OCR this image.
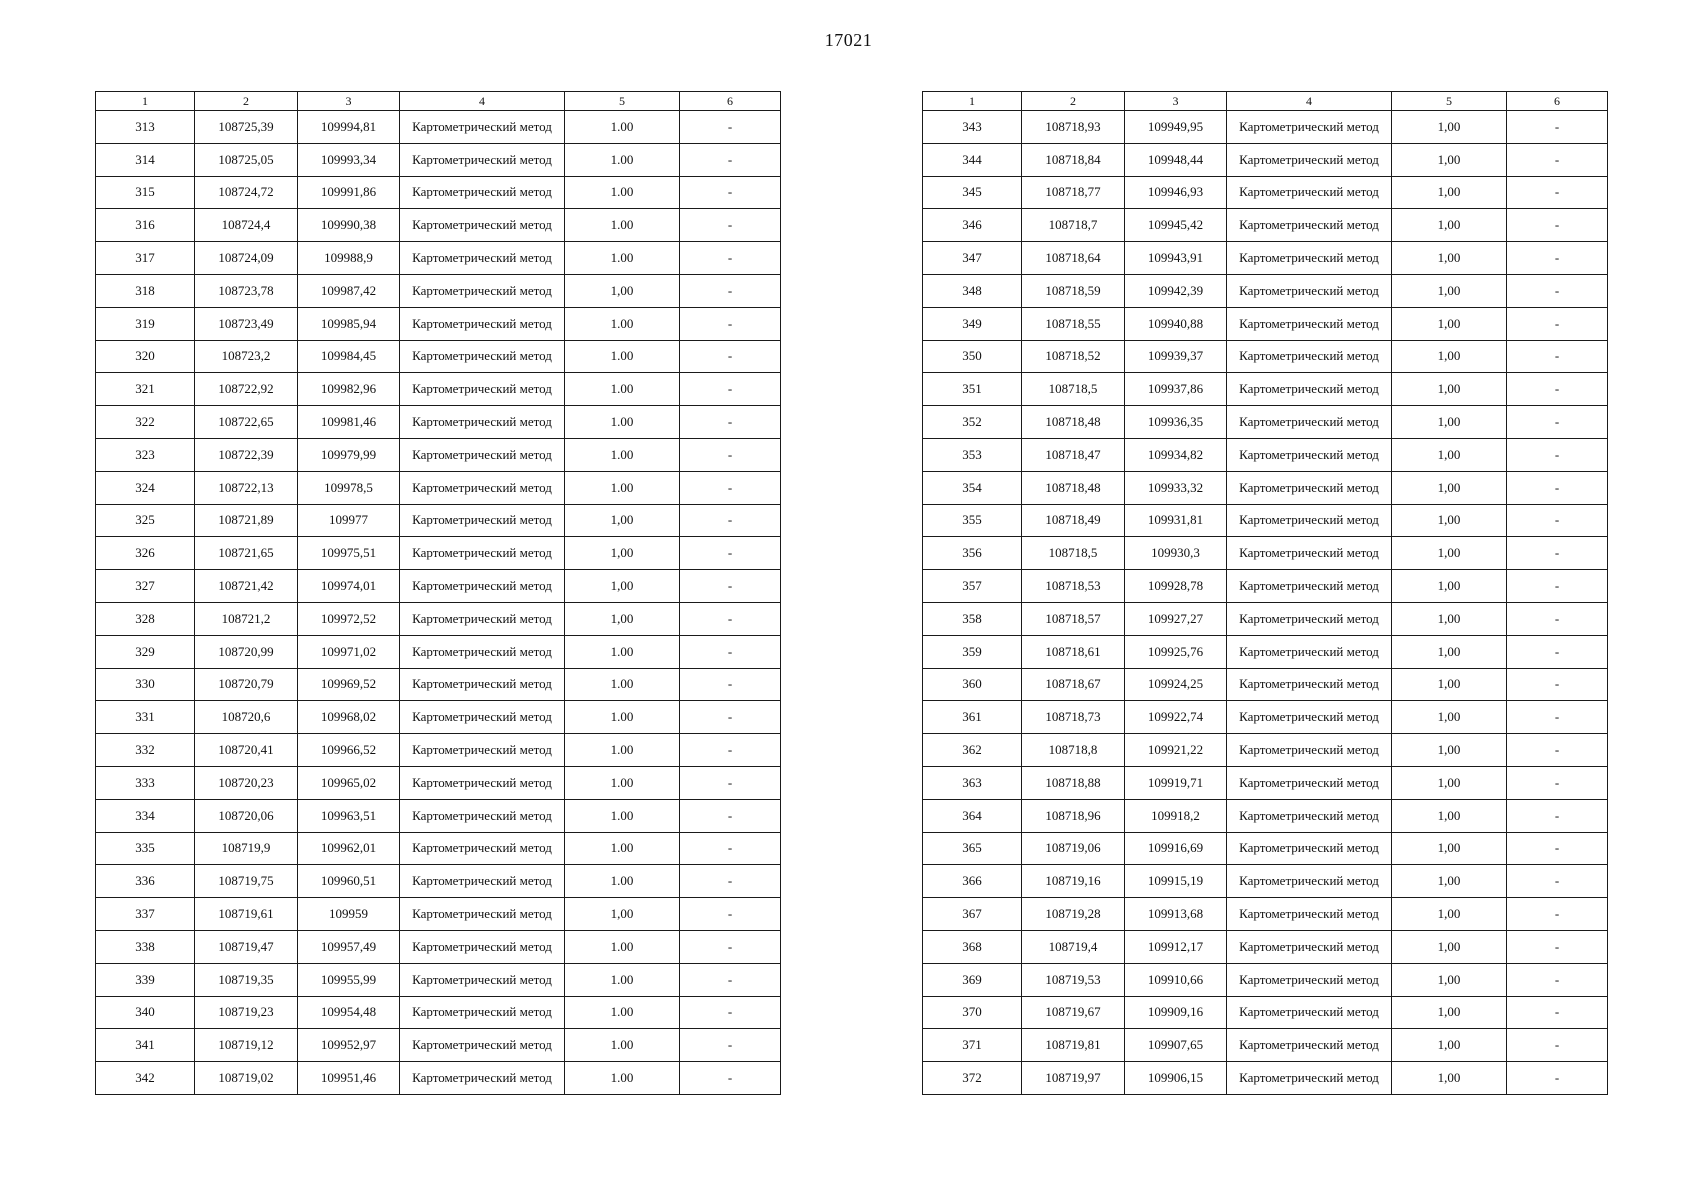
17021
1	2	3	4	5	6
313	108725,39	109994,81	Картометрический метод	1.00	-
314	108725,05	109993,34	Картометрический метод	1.00	-
315	108724,72	109991,86	Картометрический метод	1.00	-
316	108724,4	109990,38	Картометрический метод	1.00	-
317	108724,09	109988,9	Картометрический метод	1.00	-
318	108723,78	109987,42	Картометрический метод	1,00	-
319	108723,49	109985,94	Картометрический метод	1.00	-
320	108723,2	109984,45	Картометрический метод	1.00	-
321	108722,92	109982,96	Картометрический метод	1.00	-
322	108722,65	109981,46	Картометрический метод	1.00	-
323	108722,39	109979,99	Картометрический метод	1.00	-
324	108722,13	109978,5	Картометрический метод	1.00	-
325	108721,89	109977	Картометрический метод	1,00	-
326	108721,65	109975,51	Картометрический метод	1,00	-
327	108721,42	109974,01	Картометрический метод	1,00	-
328	108721,2	109972,52	Картометрический метод	1,00	-
329	108720,99	109971,02	Картометрический метод	1.00	-
330	108720,79	109969,52	Картометрический метод	1.00	-
331	108720,6	109968,02	Картометрический метод	1.00	-
332	108720,41	109966,52	Картометрический метод	1.00	-
333	108720,23	109965,02	Картометрический метод	1.00	-
334	108720,06	109963,51	Картометрический метод	1.00	-
335	108719,9	109962,01	Картометрический метод	1.00	-
336	108719,75	109960,51	Картометрический метод	1.00	-
337	108719,61	109959	Картометрический метод	1,00	-
338	108719,47	109957,49	Картометрический метод	1.00	-
339	108719,35	109955,99	Картометрический метод	1.00	-
340	108719,23	109954,48	Картометрический метод	1.00	-
341	108719,12	109952,97	Картометрический метод	1.00	-
342	108719,02	109951,46	Картометрический метод	1.00	-
1	2	3	4	5	6
343	108718,93	109949,95	Картометрический метод	1,00	-
344	108718,84	109948,44	Картометрический метод	1,00	-
345	108718,77	109946,93	Картометрический метод	1,00	-
346	108718,7	109945,42	Картометрический метод	1,00	-
347	108718,64	109943,91	Картометрический метод	1,00	-
348	108718,59	109942,39	Картометрический метод	1,00	-
349	108718,55	109940,88	Картометрический метод	1,00	-
350	108718,52	109939,37	Картометрический метод	1,00	-
351	108718,5	109937,86	Картометрический метод	1,00	-
352	108718,48	109936,35	Картометрический метод	1,00	-
353	108718,47	109934,82	Картометрический метод	1,00	-
354	108718,48	109933,32	Картометрический метод	1,00	-
355	108718,49	109931,81	Картометрический метод	1,00	-
356	108718,5	109930,3	Картометрический метод	1,00	-
357	108718,53	109928,78	Картометрический метод	1,00	-
358	108718,57	109927,27	Картометрический метод	1,00	-
359	108718,61	109925,76	Картометрический метод	1,00	-
360	108718,67	109924,25	Картометрический метод	1,00	-
361	108718,73	109922,74	Картометрический метод	1,00	-
362	108718,8	109921,22	Картометрический метод	1,00	-
363	108718,88	109919,71	Картометрический метод	1,00	-
364	108718,96	109918,2	Картометрический метод	1,00	-
365	108719,06	109916,69	Картометрический метод	1,00	-
366	108719,16	109915,19	Картометрический метод	1,00	-
367	108719,28	109913,68	Картометрический метод	1,00	-
368	108719,4	109912,17	Картометрический метод	1,00	-
369	108719,53	109910,66	Картометрический метод	1,00	-
370	108719,67	109909,16	Картометрический метод	1,00	-
371	108719,81	109907,65	Картометрический метод	1,00	-
372	108719,97	109906,15	Картометрический метод	1,00	-
